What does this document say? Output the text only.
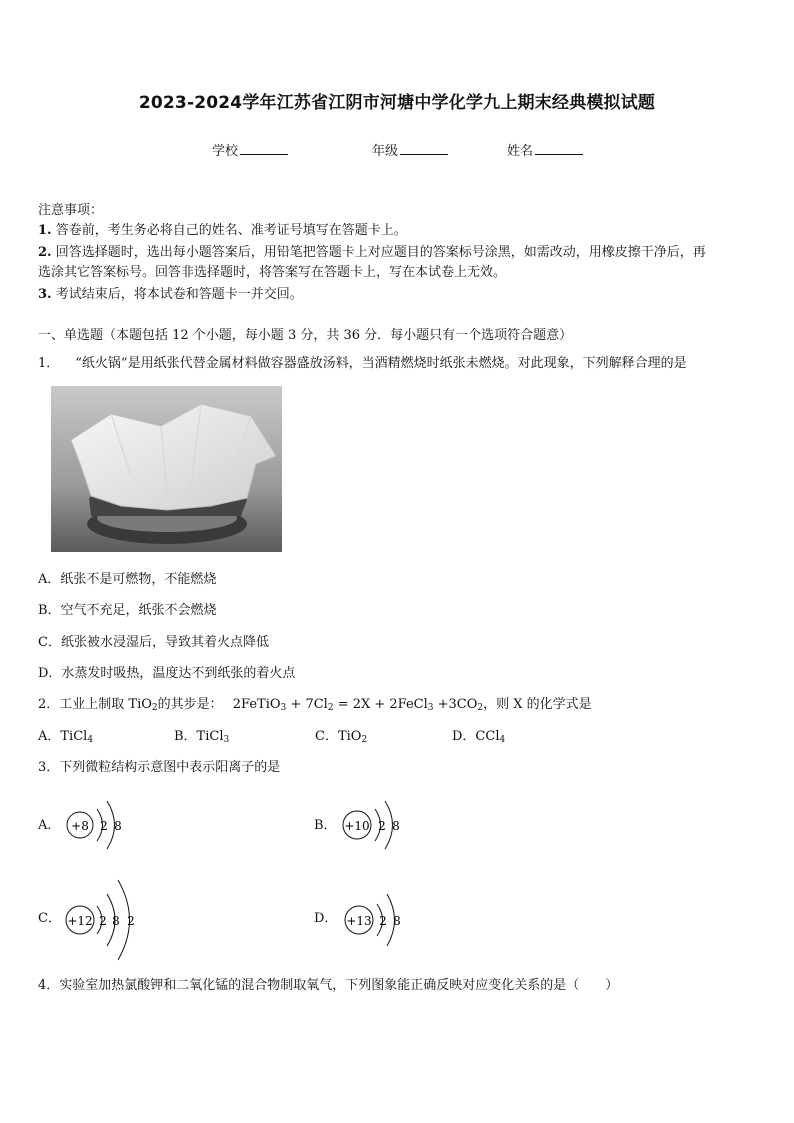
2023-2024学年江苏省江阴市河塘中学化学九上期末经典模拟试题
学校	年级	姓名
注意事项：
1. 答卷前，考生务必将自己的姓名、准考证号填写在答题卡上。
2. 回答选择题时，选出每小题答案后，用铅笔把答题卡上对应题目的答案标号涂黑，如需改动，用橡皮擦干净后，再
选涂其它答案标号。回答非选择题时，将答案写在答题卡上，写在本试卷上无效。
3. 考试结束后，将本试卷和答题卡一并交回。
一、单选题（本题包括 12 个小题，每小题 3 分，共 36 分．每小题只有一个选项符合题意）
1． “纸火锅”是用纸张代替金属材料做容器盛放汤料，当酒精燃烧时纸张未燃烧。对此现象，下列解释合理的是
A．纸张不是可燃物，不能燃烧
B．空气不充足，纸张不会燃烧
C．纸张被水浸湿后，导致其着火点降低
D．水蒸发时吸热，温度达不到纸张的着火点
2．工业上制取 TiO$_2$的其步是： 2FeTiO$_3$ + $7Cl_2 = 2X$ + 2FeCl$_3$ $+3CO_2$，则 X 的化学式是
A．TiCl$_4$	B．TiCl$_3$	C．TiO$_2$	D．CCl$_4$
3．下列微粒结构示意图中表示阳离子的是
A． +8 2 8	B． +10 2 8
C． +12 2 8 2	D． +13 2 8
4．实验室加热氯酸钾和二氧化锰的混合物制取氧气，下列图象能正确反映对应变化关系的是（　　）
